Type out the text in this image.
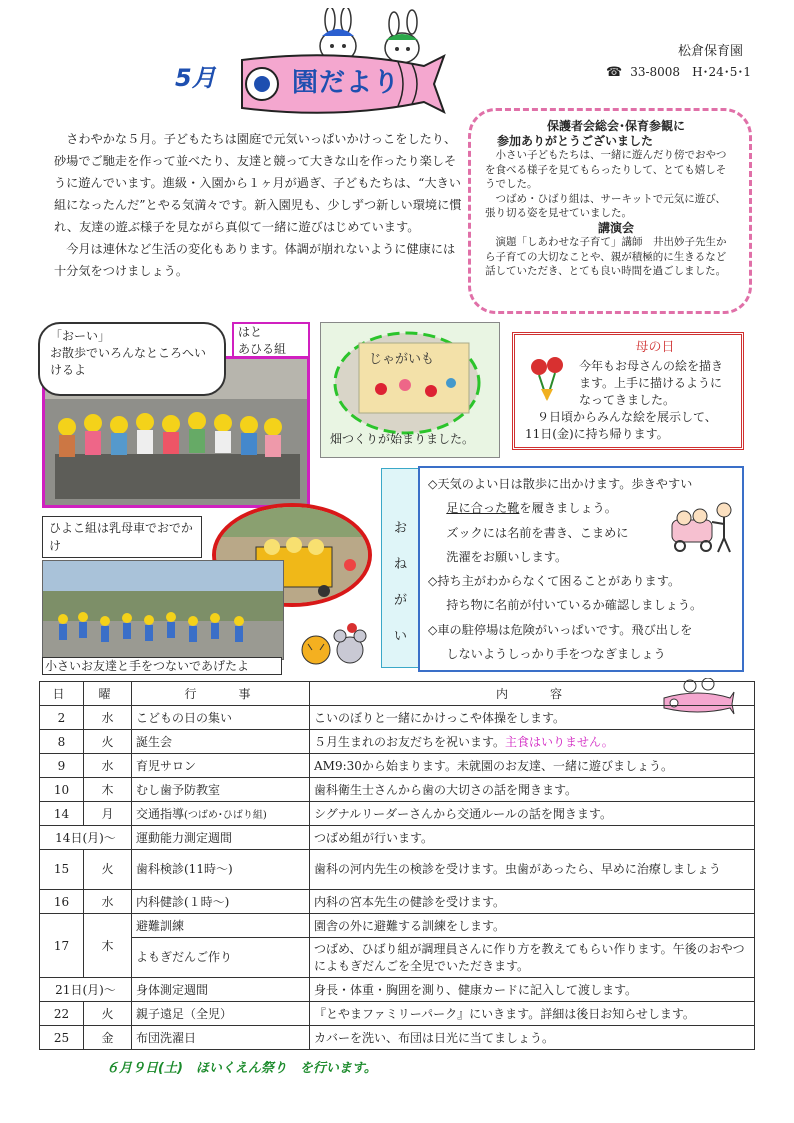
松倉保育園
☎ 33-8008　H･24･5･1
5月	園だより

さわやかな５月。子どもたちは園庭で元気いっぱいかけっこをしたり、砂場でご馳走を作って並べたり、友達と競って大きな山を作ったり楽しそうに遊んでいます。進級・入園から１ヶ月が過ぎ、子どもたちは、“大きい組になったんだ”とやる気満々です。新入園児も、少しずつ新しい環境に慣れ、友達の遊ぶ様子を見ながら真似て一緒に遊びはじめています。

今月は連休など生活の変化もあります。体調が崩れないように健康には十分気をつけましょう。

保護者会総会･保育参観に

参加ありがとうございました

小さい子どもたちは、一緒に遊んだり傍でおやつを食べる様子を見てもらったりして、とても嬉しそうでした。

つばめ・ひばり組は、サーキットで元気に遊び、張り切る姿を見せていました。

講演会

演題「しあわせな子育て」講師　井出妙子先生から子育ての大切なことや、親が積極的に生きるなど話していただき、とても良い時間を過ごしました。

はと
あひる組
「おーい」
お散歩でいろんなところへいけるよ
じゃがいも
畑つくりが始まりました。

母の日

今年もお母さんの絵を描きます。上手に描けるようになってきました。

９日頃からみんな絵を展示して、11日(金)に持ち帰ります。

ひよこ組は乳母車でおでかけ
小さいお友達と手をつないであげたよ
お
ね
が
い

◇天気のよい日は散歩に出かけます。歩きやすい

足に合った靴を履きましょう。

ズックには名前を書き、こまめに

洗濯をお願いします。

◇持ち主がわからなくて困ることがあります。

持ち物に名前が付いているか確認しましょう。

◇車の駐停場は危険がいっぱいです。飛び出しを

しないようしっかり手をつなぎましょう

日	曜	行　　事	内　　容
2	水	こどもの日の集い	こいのぼりと一緒にかけっこや体操をします。
8	火	誕生会	５月生まれのお友だちを祝います。主食はいりません。
9	水	育児サロン	AM9:30から始まります。未就園のお友達、一緒に遊びましょう。
10	木	むし歯予防教室	歯科衛生士さんから歯の大切さの話を聞きます。
14	月	交通指導(つばめ･ひばり組)	シグナルリーダーさんから交通ルールの話を聞きます。
14日(月)～		運動能力測定週間	つばめ組が行います。
15	火	歯科検診(11時～)	歯科の河内先生の検診を受けます。虫歯があったら、早めに治療しましょう
16	水	内科健診(１時～)	内科の宮本先生の健診を受けます。
17	木	避難訓練	園舎の外に避難する訓練をします。
		よもぎだんご作り	つばめ、ひばり組が調理員さんに作り方を教えてもらい作ります。午後のおやつによもぎだんごを全児でいただきます。
21日(月)～		身体測定週間	身長・体重・胸囲を測り、健康カードに記入して渡します。
22	火	親子遠足（全児）	『とやまファミリーパーク』にいきます。詳細は後日お知らせします。
25	金	布団洗濯日	カバーを洗い、布団は日光に当てましょう。
６月９日(土)　ほいくえん祭り　を行います。
